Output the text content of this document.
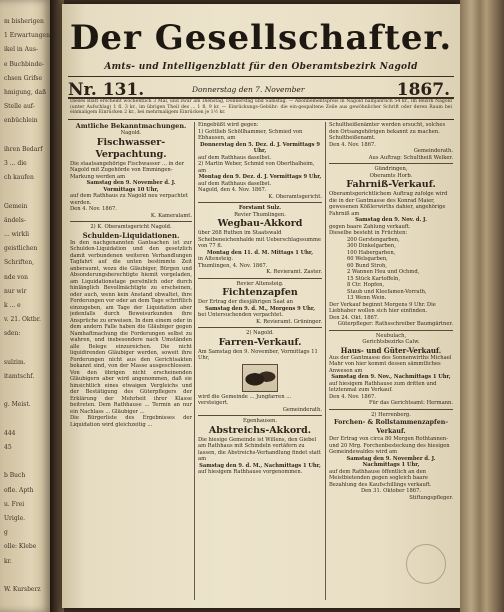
m bisherigen
1 Erwartungen
ikel in Aus-
e Buchbinde-
chsen Grifse
hmigung, daß
Stelle auf-
enbüchlein
ihren Bedarf
3 ... die
ch kaufen
Gemein
ändels-
... wirkli
geistlichen
Schriften,
nde von
nur wir
k ... e
v. 21. Oktbr.
sden:
sulzim.
itamtschf.
g. Meist.
444
45
b Buch
ofle. Apth
u. Frei
Urigle.
g
olle: Klebe
kr.
W. Kursberz
Der Gesellschafter.
Amts- und Intelligenzblatt für den Oberamtsbezirk Nagold
Nr. 131.	Donnerstag den 7. November	1867.
Dieses Blatt erscheint wöchentlich 3 Mal, und zwar am Dienstag, Donnerstag und Samstag. — Abonnementspreis in Nagold halbjährlich 54 kr., im Bezirk Nagold (unter Aufschlag) 1 fl. 3 kr., im übrigen Theil des ... 1 fl. 9 kr. — Einrückungs-Gebühr: die ein-gespaltene Zeile aus gewöhnlicher Schrift oder deren Raum bei einmaligem Einrücken 2 kr., bei mehrmaligem Einrücken je 1½ kr.

Amtliche Bekanntmachungen.

Nagold.

Fischwasser-Verpachtung.

Die staatsangehörige Fischwasser ... in der Nagold mit Zugehörde von Emmingen-Markung werden am

Samstag den 9. November d. J. Vormittags 10 Uhr,

auf dem Rathhaus zu Nagold neu verpachtet werden.

Den 4. Nov. 1867.

K. Kameralamt.

2) K. Oberamtsgericht Nagold.

Schulden-Liquidationen.

In den nachgenannten Gantsachen ist zur Schulden-Liquidation und den gesetzlich damit verbundenen weiteren Verhandlungen Tagfahrt auf die unten bestimmte Zeit anberaumt, wozu die Gläubiger, Bürgen und Absonderungsberechtigte hiemit vorgeladen, am Liquidationstage persönlich oder durch hinlänglich Bevollmächtigte zu erscheinen, oder auch, wenn kein Anstand obwaltet, ihre Forderungen vor oder an dem Tage schriftlich einzugeben, am Tage der Liquidation aber jedenfalls durch Beweisurkunden ihre Ansprüche zu erweisen. In dem einem oder in dem andern Falle haben die Gläubiger gegen Namhaftmachung die Forderungen selbst zu wahren, und insbesondere nach Umständen alle Belege einzureichen. Die nicht liquidirenden Gläubiger werden, soweit ihre Forderungen nicht aus den Gerichtsakten bekannt sind, von der Masse ausgeschlossen. Von den übrigen nicht erscheinenden Gläubigern aber wird angenommen, daß sie hinsichtlich eines etwaigen Vergleichs und der Bestätigung des Güterpflegers der Erklärung der Mehrheit ihrer Klasse beitreten. Dem Rathhause ... Termin an nur ein Nachlass ... Gläubiger ...

Die Bürgerliste des Ergebnisses der Liquidation wird gleichzeitig ...

Eingebüßt wird gegen:

1) Gottlieb Schöllhammer, Schmied von Ebhausen, am

Donnerstag den 5. Dez. d. J. Vormittags 9 Uhr,

auf dem Rathhaus daselbst.

2) Martin Weber, Schmid von Oberthalheim, am

Montag den 9. Dez. d. J. Vormittags 9 Uhr,

auf dem Rathhaus daselbst.

Nagold, den 4. Nov. 1867.

K. Oberamtsgericht.

Forstamt Sulz.

Revier Thumlingen.

Wegbau-Akkord

über 268 Ruthen im Staatswald Scheibeneichenhalde mit Ueberschlagssumme von 77 fl.

Montag den 11. d. M. Mittags 1 Uhr,

in Altensteig.

Thumlingen, 4. Nov. 1867.

K. Revieramt. Zaster.

Revier Altensteig.

Fichtenzapfen

Der Ertrag der diesjährigen Saat an

Samstag den 9. d. M., Morgens 9 Uhr,

bei Untersuchenden verpachtet.

K. Revieramt. Grüninger.

2) Nagold.

Farren-Verkauf.

Am Samstag den 9. November, Vormittags 11 Uhr,

wird die Gemeinde ... Jungfarren ... versteigert.

Gemeinderath.

Egenhausen.

Abstreichs-Akkord.

Die hiesige Gemeinde ist Willens, den Giebel am Rathhaus mit Schindeln vertäfern zu lassen, die Abstreichs-Verhandlung findet statt am

Samstag den 9. d. M., Nachmittags 1 Uhr,

auf hiesigem Rathhause vorgenommen.

Schultheißenämter werden ersucht, solches den Ortsangehörigen bekannt zu machen. Schultheißenamt.

Den 4. Nov. 1867.

Gemeinderath.

Aus Auftrag: Schultheiß Welker.

Gündringen,

Oberamts Horb.

Fahrniß-Verkauf.

Oberamtsgerichtlichem Auftrag zufolge wird die in der Gantmasse des Konrad Maier, gewesenen Kößlerwirths dahier, angehörige Fahrniß am

Samstag den 9. Nov. d. J.

gegen baare Zahlung verkauft.

Dieselbe besteht in Früchten:

200 Gerstengarben,

300 Dinkelgarben,

100 Habergarben,

60 Welsgarben,

60 Bund Stroh,

2 Wannen Heu und Ochmd,

15 Stück Kartoffeln,

8 Ctr. Hopfen,

Staub und Kleefamen-Vorrath,

13 Wenn Wein.

Der Verkauf beginnt Morgens 9 Uhr. Die Liebhaber wollen sich hier einfinden.

Den 24. Okt. 1867.

Güterpfleger: Rathsschreiber Baumgärtner.

Neubulach,

Gerichtsbezirks Calw.

Haus- und Güter-Verkauf.

Aus der Gantmasse des Sonnenwirths Michael Mahr von hier kommt dessen sämmtliches Anwesen am

Samstag den 9. Nov., Nachmittags 1 Uhr,

auf hiesigem Rathhause zum dritten und letztenmal zum Verkauf.

Den 4. Nov. 1867.

Für das Gerichtsamt: Hermann.

2) Herrenberg.

Forchen- & Rollstammenzapfen-Verkauf.

Der Ertrag von circa 80 Morgen Rothtannen- und 20 Mrg. Forchenbesteckung des hiesigen Gemeindewaldes wird am

Samstag den 9. November d. J. Nachmittags 1 Uhr,

auf dem Rathhause öffentlich an den Meistbietenden gegen sogleich baare Bezahlung des Kaufschillings verkauft.

Den 31. Oktober 1867.

Stiftungspfleger.
